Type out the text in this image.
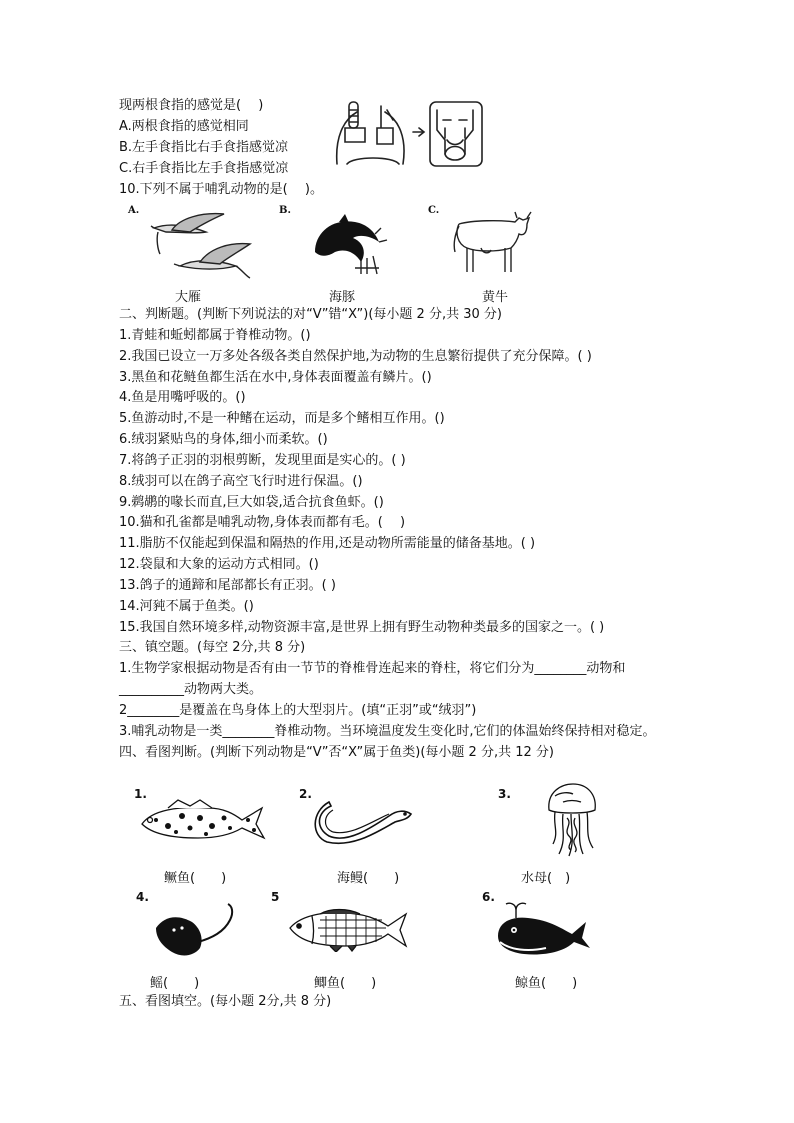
现两根食指的感觉是(　 )
A.两根食指的感觉相同
B.左手食指比右手食指感觉凉
C.右手食指比左手食指感觉凉
10.下列不属于哺乳动物的是(　 )。
A.	B.	C.
大雁	海豚	黄牛
二、判断题。(判断下列说法的对“V”错“X”)(每小题 2 分,共 30 分)
1.青蛙和蚯蚓都属于脊椎动物。()
2.我国已设立一万多处各级各类自然保护地,为动物的生息繁衍提供了充分保障。( )
3.黑鱼和花鲢鱼都生活在水中,身体表面覆盖有鳞片。()
4.鱼是用嘴呼吸的。()
5.鱼游动时,不是一种鳍在运动，而是多个鳍相互作用。()
6.绒羽紧贴鸟的身体,细小而柔软。()
7.将鸽子正羽的羽根剪断，发现里面是实心的。( )
8.绒羽可以在鸽子高空飞行时进行保温。()
9.鹈鹕的喙长而直,巨大如袋,适合抗食鱼虾。()
10.猫和孔雀都是哺乳动物,身体表而都有毛。(　 )
11.脂肪不仅能起到保温和隔热的作用,还是动物所需能量的储备基地。( )
12.袋鼠和大象的运动方式相同。()
13.鸽子的通蹄和尾部都长有正羽。( )
14.河豘不属于鱼类。()
15.我国自然环境多样,动物资源丰富,是世界上拥有野生动物种类最多的国家之一。( )
三、镇空题。(每空 2分,共 8 分)
1.生物学家根据动物是否有由一节节的脊椎骨连起来的脊柱，将它们分为________动物和
__________动物两大类。
2________是覆盖在鸟身体上的大型羽片。(填“正羽”或“绒羽”)
3.哺乳动物是一类________脊椎动物。当环境温度发生变化时,它们的体温始终保持相对稳定。
四、看图判断。(判断下列动物是“V”否“X”属于鱼类)(每小题 2 分,共 12 分)
1.	2.	3.
鳜鱼(　　)	海鳗(　　)	水母(　)
4.	5	6.
鳐(　　)	鲫鱼(　　)	鲸鱼(　　)
五、看图填空。(每小题 2分,共 8 分)
